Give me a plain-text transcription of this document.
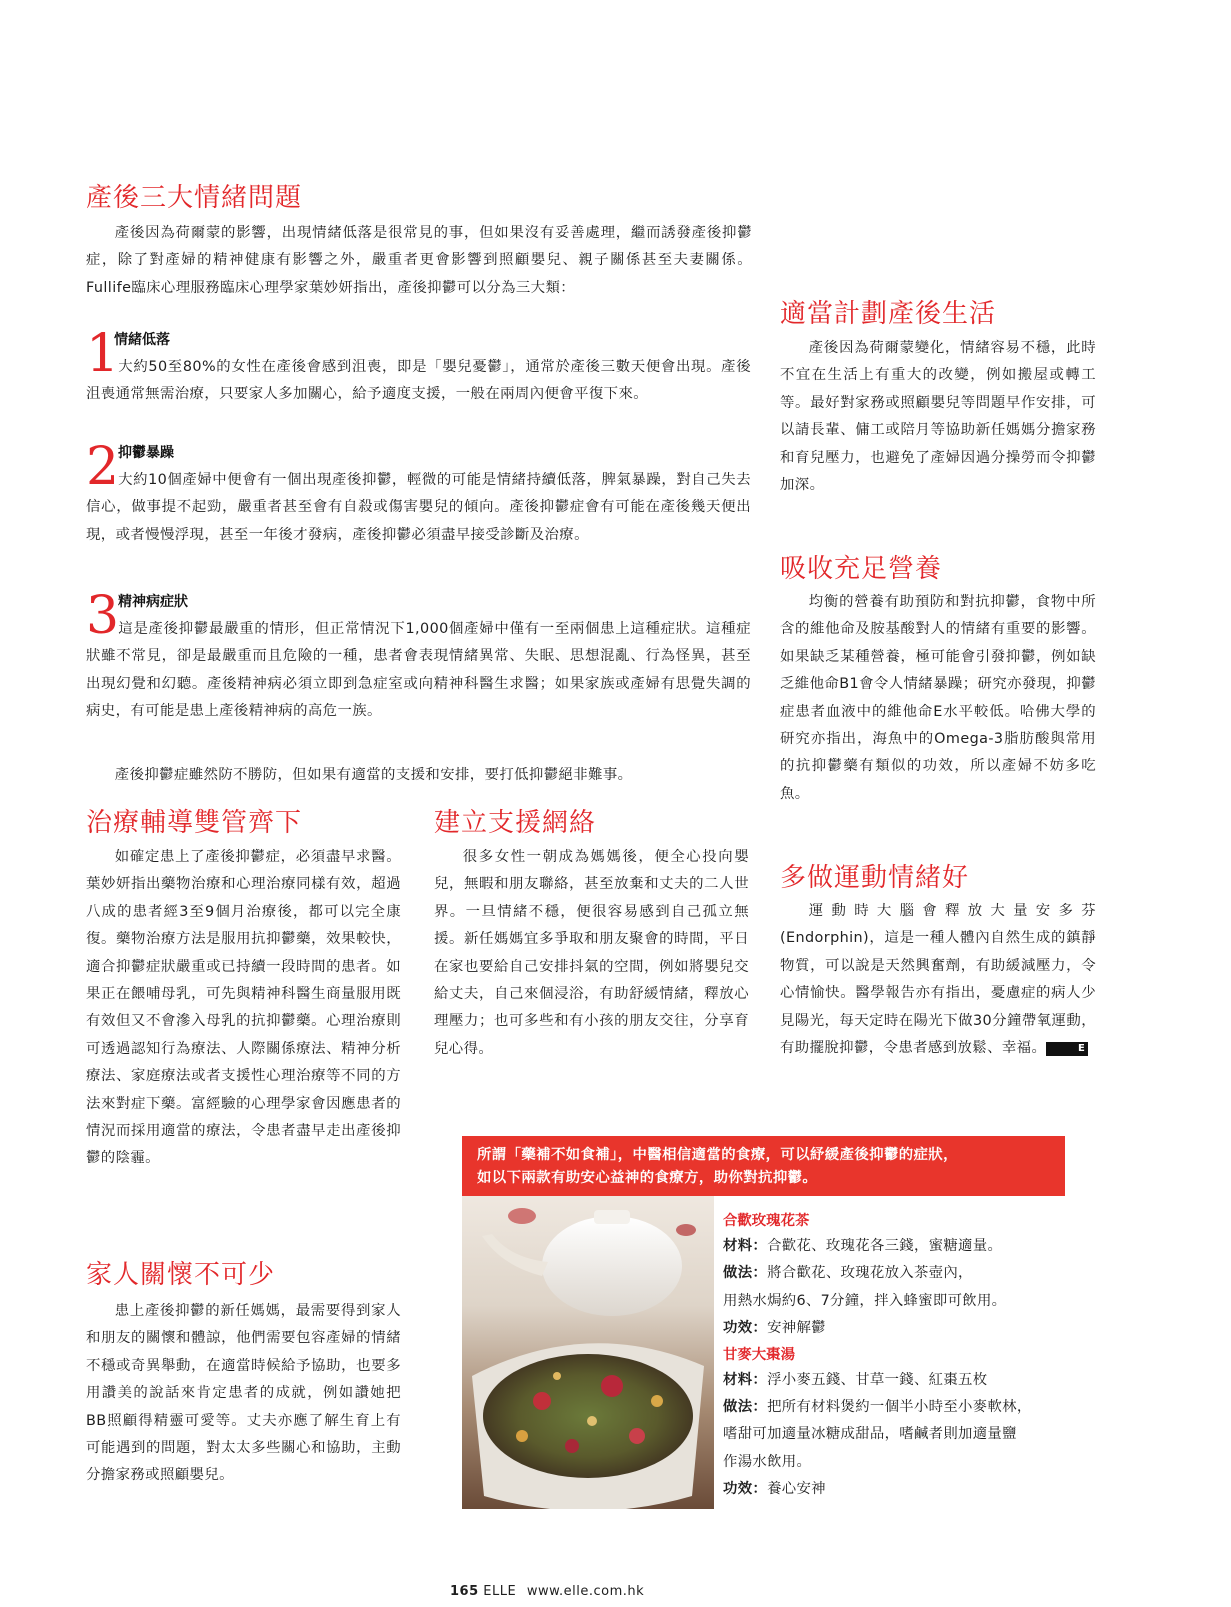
產後三大情緒問題
產後因為荷爾蒙的影響，出現情緒低落是很常見的事，但如果沒有妥善處理，繼而誘發產後抑鬱症，除了對產婦的精神健康有影響之外，嚴重者更會影響到照顧嬰兒、親子關係甚至夫妻關係。Fullife臨床心理服務臨床心理學家葉妙妍指出，產後抑鬱可以分為三大類：
1
情緒低落
大約50至80%的女性在產後會感到沮喪，即是「嬰兒憂鬱」，通常於產後三數天便會出現。產後沮喪通常無需治療，只要家人多加關心，給予適度支援，一般在兩周內便會平復下來。
2
抑鬱暴躁
大約10個產婦中便會有一個出現產後抑鬱，輕微的可能是情緒持續低落，脾氣暴躁，對自己失去信心，做事提不起勁，嚴重者甚至會有自殺或傷害嬰兒的傾向。產後抑鬱症會有可能在產後幾天便出現，或者慢慢浮現，甚至一年後才發病，產後抑鬱必須盡早接受診斷及治療。
3
精神病症狀
這是產後抑鬱最嚴重的情形，但正常情況下1,000個產婦中僅有一至兩個患上這種症狀。這種症狀雖不常見，卻是最嚴重而且危險的一種，患者會表現情緒異常、失眠、思想混亂、行為怪異，甚至出現幻覺和幻聽。產後精神病必須立即到急症室或向精神科醫生求醫；如果家族或產婦有思覺失調的病史，有可能是患上產後精神病的高危一族。
產後抑鬱症雖然防不勝防，但如果有適當的支援和安排，要打低抑鬱絕非難事。
治療輔導雙管齊下
如確定患上了產後抑鬱症，必須盡早求醫。葉妙妍指出藥物治療和心理治療同樣有效，超過八成的患者經3至9個月治療後，都可以完全康復。藥物治療方法是服用抗抑鬱藥，效果較快，適合抑鬱症狀嚴重或已持續一段時間的患者。如果正在餵哺母乳，可先與精神科醫生商量服用既有效但又不會滲入母乳的抗抑鬱藥。心理治療則可透過認知行為療法、人際關係療法、精神分析療法、家庭療法或者支援性心理治療等不同的方法來對症下藥。富經驗的心理學家會因應患者的情況而採用適當的療法，令患者盡早走出產後抑鬱的陰霾。
家人關懷不可少
患上產後抑鬱的新任媽媽，最需要得到家人和朋友的關懷和體諒，他們需要包容產婦的情緒不穩或奇異舉動，在適當時候給予協助，也要多用讚美的說話來肯定患者的成就，例如讚她把BB照顧得精靈可愛等。丈夫亦應了解生育上有可能遇到的問題，對太太多些關心和協助，主動分擔家務或照顧嬰兒。
建立支援網絡
很多女性一朝成為媽媽後，便全心投向嬰兒，無暇和朋友聯絡，甚至放棄和丈夫的二人世界。一旦情緒不穩，便很容易感到自己孤立無援。新任媽媽宜多爭取和朋友聚會的時間，平日在家也要給自己安排抖氣的空間，例如將嬰兒交給丈夫，自己來個浸浴，有助舒緩情緒，釋放心理壓力；也可多些和有小孩的朋友交往，分享育兒心得。
適當計劃產後生活
產後因為荷爾蒙變化，情緒容易不穩，此時不宜在生活上有重大的改變，例如搬屋或轉工等。最好對家務或照顧嬰兒等問題早作安排，可以請長輩、傭工或陪月等協助新任媽媽分擔家務和育兒壓力，也避免了產婦因過分操勞而令抑鬱加深。
吸收充足營養
均衡的營養有助預防和對抗抑鬱，食物中所含的維他命及胺基酸對人的情緒有重要的影響。如果缺乏某種營養，極可能會引發抑鬱，例如缺乏維他命B1會令人情緒暴躁；研究亦發現，抑鬱症患者血液中的維他命E水平較低。哈佛大學的研究亦指出，海魚中的Omega-3脂肪酸與常用的抗抑鬱藥有類似的功效，所以產婦不妨多吃魚。
多做運動情緒好
運動時大腦會釋放大量安多芬(Endorphin)，這是一種人體內自然生成的鎮靜物質，可以說是天然興奮劑，有助緩減壓力，令心情愉快。醫學報告亦有指出，憂慮症的病人少見陽光，每天定時在陽光下做30分鐘帶氧運動，有助擺脫抑鬱，令患者感到放鬆、幸福。	E
所謂「藥補不如食補」，中醫相信適當的食療，可以紓緩產後抑鬱的症狀，
如以下兩款有助安心益神的食療方，助你對抗抑鬱。
合歡玫瑰花茶
材料：合歡花、玫瑰花各三錢，蜜糖適量。
做法：將合歡花、玫瑰花放入茶壺內，
用熱水焗約6、7分鐘，拌入蜂蜜即可飲用。
功效：安神解鬱
甘麥大棗湯
材料：浮小麥五錢、甘草一錢、紅棗五枚
做法：把所有材料煲約一個半小時至小麥軟林，
嗜甜可加適量冰糖成甜品，嗜鹹者則加適量鹽
作湯水飲用。
功效：養心安神
165 ELLE www.elle.com.hk
